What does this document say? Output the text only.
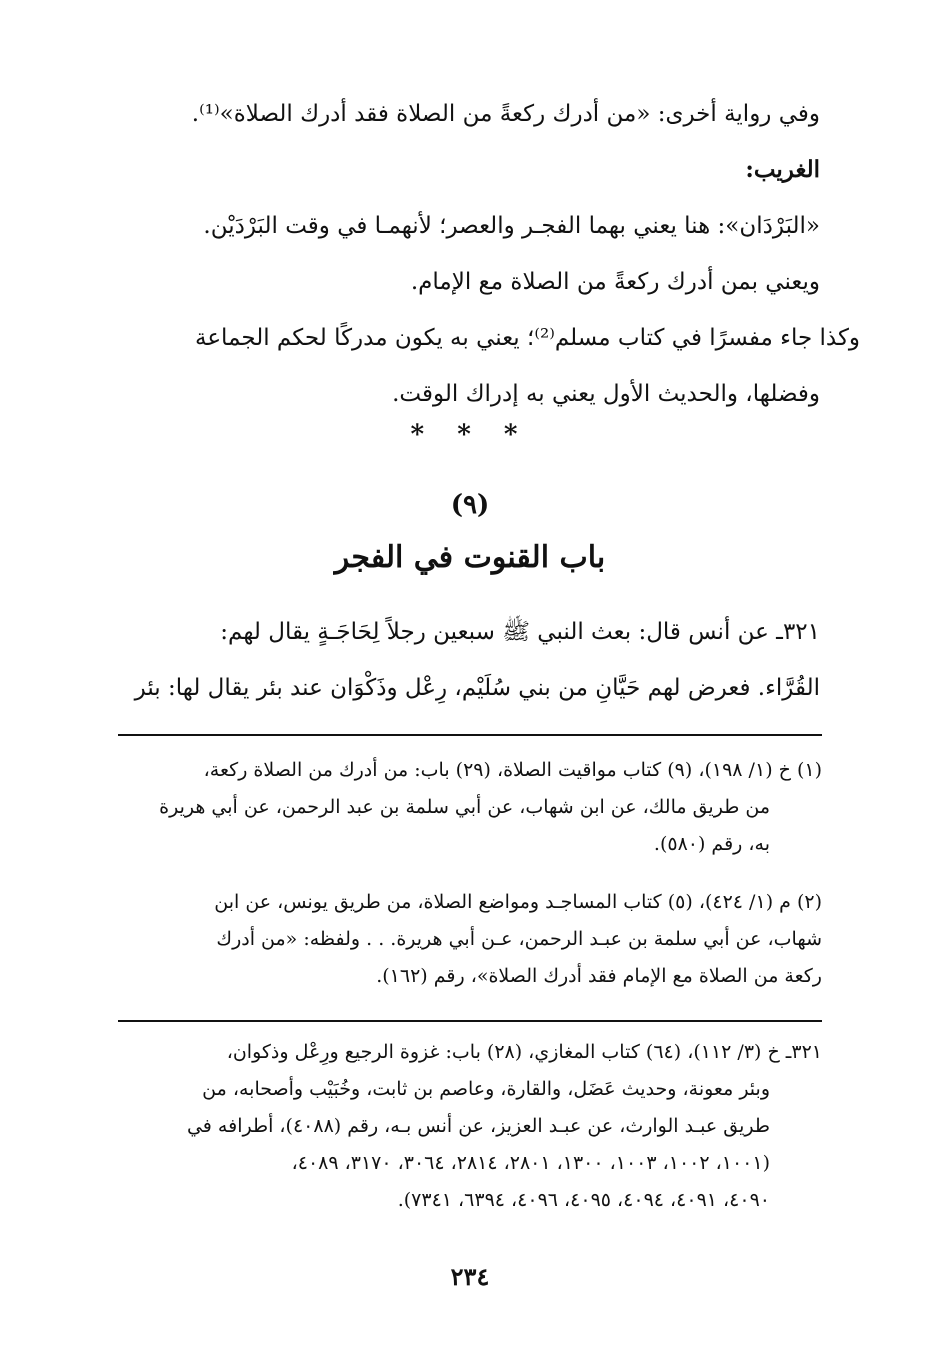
وفي رواية أخرى: «من أدرك ركعةً من الصلاة فقد أدرك الصلاة»⁽¹⁾.
الغريب:
«البَرْدَان»: هنا يعني بهما الفجـر والعصر؛ لأنهمـا في وقت البَرْدَيْن.
ويعني بمن أدرك ركعةً من الصلاة مع الإمام.
وكذا جاء مفسرًا في كتاب مسلم⁽²⁾؛ يعني به يكون مدركًا لحكم الجماعة
وفضلها، والحديث الأول يعني به إدراك الوقت.
* * *
(٩)
باب القنوت في الفجر
٣٢١ـ عن أنس قال: بعث النبي ﷺ سبعين رجلاً لِحَاجَـةٍ يقال لهم:
القُرَّاء. فعرض لهم حَيَّانِ من بني سُلَيْم، رِعْل وذَكْوَان عند بئر يقال لها: بئر
(١) خ (١/ ١٩٨)، (٩) كتاب مواقيت الصلاة، (٢٩) باب: من أدرك من الصلاة ركعة،
من طريق مالك، عن ابن شهاب، عن أبي سلمة بن عبد الرحمن، عن أبي هريرة
به، رقم (٥٨٠).
(٢) م (١/ ٤٢٤)، (٥) كتاب المساجـد ومواضع الصلاة، من طريق يونس، عن ابن
شهاب، عن أبي سلمة بن عبـد الرحمن، عـن أبي هريرة. . . ولفظه: «من أدرك
ركعة من الصلاة مع الإمام فقد أدرك الصلاة»، رقم (١٦٢).
٣٢١ـ خ (٣/ ١١٢)، (٦٤) كتاب المغازي، (٢٨) باب: غزوة الرجيع ورِعْل وذكوان،
وبئر معونة، وحديث عَضَل، والقارة، وعاصم بن ثابت، وخُبَيْب وأصحابه، من
طريق عبـد الوارث، عن عبـد العزيز، عن أنس بـه، رقم (٤٠٨٨)، أطرافه في
(١٠٠١، ١٠٠٢، ١٠٠٣، ١٣٠٠، ٢٨٠١، ٢٨١٤، ٣٠٦٤، ٣١٧٠، ٤٠٨٩،
٤٠٩٠، ٤٠٩١، ٤٠٩٤، ٤٠٩٥، ٤٠٩٦، ٦٣٩٤، ٧٣٤١).
٢٣٤
